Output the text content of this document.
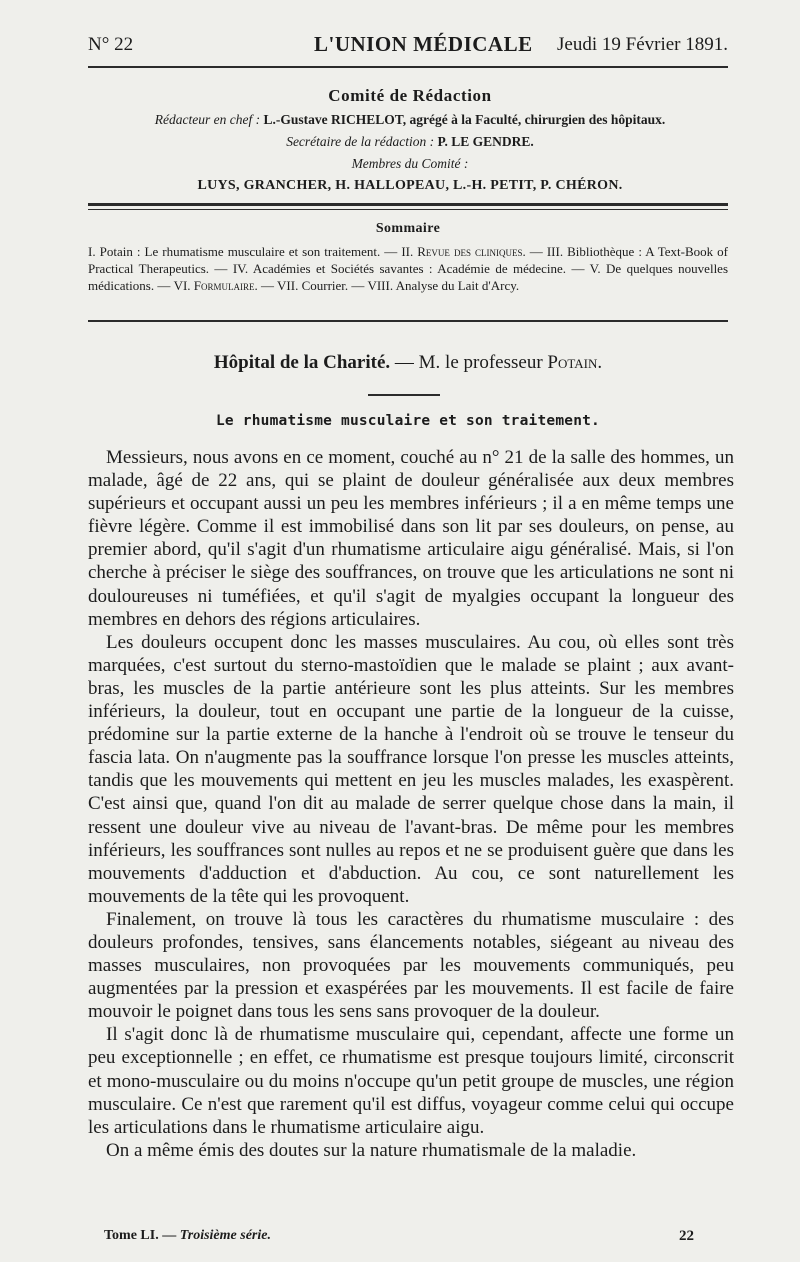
N° 22	L'UNION MÉDICALE Jeudi 19 Février 1891.
Comité de Rédaction
Rédacteur en chef : L.-Gustave RICHELOT, agrégé à la Faculté, chirurgien des hôpitaux.
Secrétaire de la rédaction : P. LE GENDRE.
Membres du Comité :
LUYS, GRANCHER, H. HALLOPEAU, L.-H. PETIT, P. CHÉRON.
Sommaire
I. Potain : Le rhumatisme musculaire et son traitement. — II. Revue des cliniques. — III. Bibliothèque : A Text-Book of Practical Therapeutics. — IV. Académies et Sociétés savantes : Académie de médecine. — V. De quelques nouvelles médications. — VI. Formulaire. — VII. Courrier. — VIII. Analyse du Lait d'Arcy.
Hôpital de la Charité. — M. le professeur Potain.
Le rhumatisme musculaire et son traitement.

Messieurs, nous avons en ce moment, couché au n° 21 de la salle des hommes, un malade, âgé de 22 ans, qui se plaint de douleur généralisée aux deux membres supérieurs et occupant aussi un peu les membres inférieurs ; il a en même temps une fièvre légère. Comme il est immobilisé dans son lit par ses douleurs, on pense, au premier abord, qu'il s'agit d'un rhumatisme articulaire aigu généralisé. Mais, si l'on cherche à préciser le siège des souffrances, on trouve que les articulations ne sont ni douloureuses ni tuméfiées, et qu'il s'agit de myalgies occupant la longueur des membres en dehors des régions articulaires.

Les douleurs occupent donc les masses musculaires. Au cou, où elles sont très marquées, c'est surtout du sterno-mastoïdien que le malade se plaint ; aux avant-bras, les muscles de la partie antérieure sont les plus atteints. Sur les membres inférieurs, la douleur, tout en occupant une partie de la longueur de la cuisse, prédomine sur la partie externe de la hanche à l'endroit où se trouve le tenseur du fascia lata. On n'augmente pas la souffrance lorsque l'on presse les muscles atteints, tandis que les mouvements qui mettent en jeu les muscles malades, les exaspèrent. C'est ainsi que, quand l'on dit au malade de serrer quelque chose dans la main, il ressent une douleur vive au niveau de l'avant-bras. De même pour les membres inférieurs, les souffrances sont nulles au repos et ne se produisent guère que dans les mouvements d'adduction et d'abduction. Au cou, ce sont naturellement les mouvements de la tête qui les provoquent.

Finalement, on trouve là tous les caractères du rhumatisme musculaire : des douleurs profondes, tensives, sans élancements notables, siégeant au niveau des masses musculaires, non provoquées par les mouvements communiqués, peu augmentées par la pression et exaspérées par les mouvements. Il est facile de faire mouvoir le poignet dans tous les sens sans provoquer de la douleur.

Il s'agit donc là de rhumatisme musculaire qui, cependant, affecte une forme un peu exceptionnelle ; en effet, ce rhumatisme est presque toujours limité, circonscrit et mono-musculaire ou du moins n'occupe qu'un petit groupe de muscles, une région musculaire. Ce n'est que rarement qu'il est diffus, voyageur comme celui qui occupe les articulations dans le rhumatisme articulaire aigu.

On a même émis des doutes sur la nature rhumatismale de la maladie.

Tome LI. — Troisième série.	22
